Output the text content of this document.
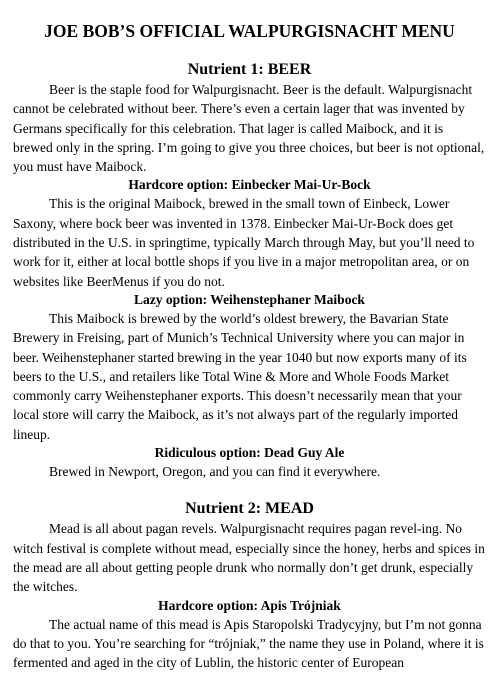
JOE BOB’S OFFICIAL WALPURGISNACHT MENU
Nutrient 1: BEER

Beer is the staple food for Walpurgisnacht. Beer is the default. Walpurgisnacht cannot be celebrated without beer. There’s even a certain lager that was invented by Germans specifically for this celebration. That lager is called Maibock, and it is brewed only in the spring. I’m going to give you three choices, but beer is not optional, you must have Maibock.

Hardcore option: Einbecker Mai-Ur-Bock

This is the original Maibock, brewed in the small town of Einbeck, Lower Saxony, where bock beer was invented in 1378. Einbecker Mai-Ur-Bock does get distributed in the U.S. in springtime, typically March through May, but you’ll need to work for it, either at local bottle shops if you live in a major metropolitan area, or on websites like BeerMenus if you do not.

Lazy option: Weihenstephaner Maibock

This Maibock is brewed by the world’s oldest brewery, the Bavarian State Brewery in Freising, part of Munich’s Technical University where you can major in beer. Weihenstephaner started brewing in the year 1040 but now exports many of its beers to the U.S., and retailers like Total Wine & More and Whole Foods Market commonly carry Weihenstephaner exports. This doesn’t necessarily mean that your local store will carry the Maibock, as it’s not always part of the regularly imported lineup.

Ridiculous option: Dead Guy Ale

Brewed in Newport, Oregon, and you can find it everywhere.

Nutrient 2: MEAD

Mead is all about pagan revels. Walpurgisnacht requires pagan revel-ing. No witch festival is complete without mead, especially since the honey, herbs and spices in the mead are all about getting people drunk who normally don’t get drunk, especially the witches.

Hardcore option: Apis Trójniak

The actual name of this mead is Apis Staropolski Tradycyjny, but I’m not gonna do that to you. You’re searching for “trójniak,” the name they use in Poland, where it is fermented and aged in the city of Lublin, the historic center of European
